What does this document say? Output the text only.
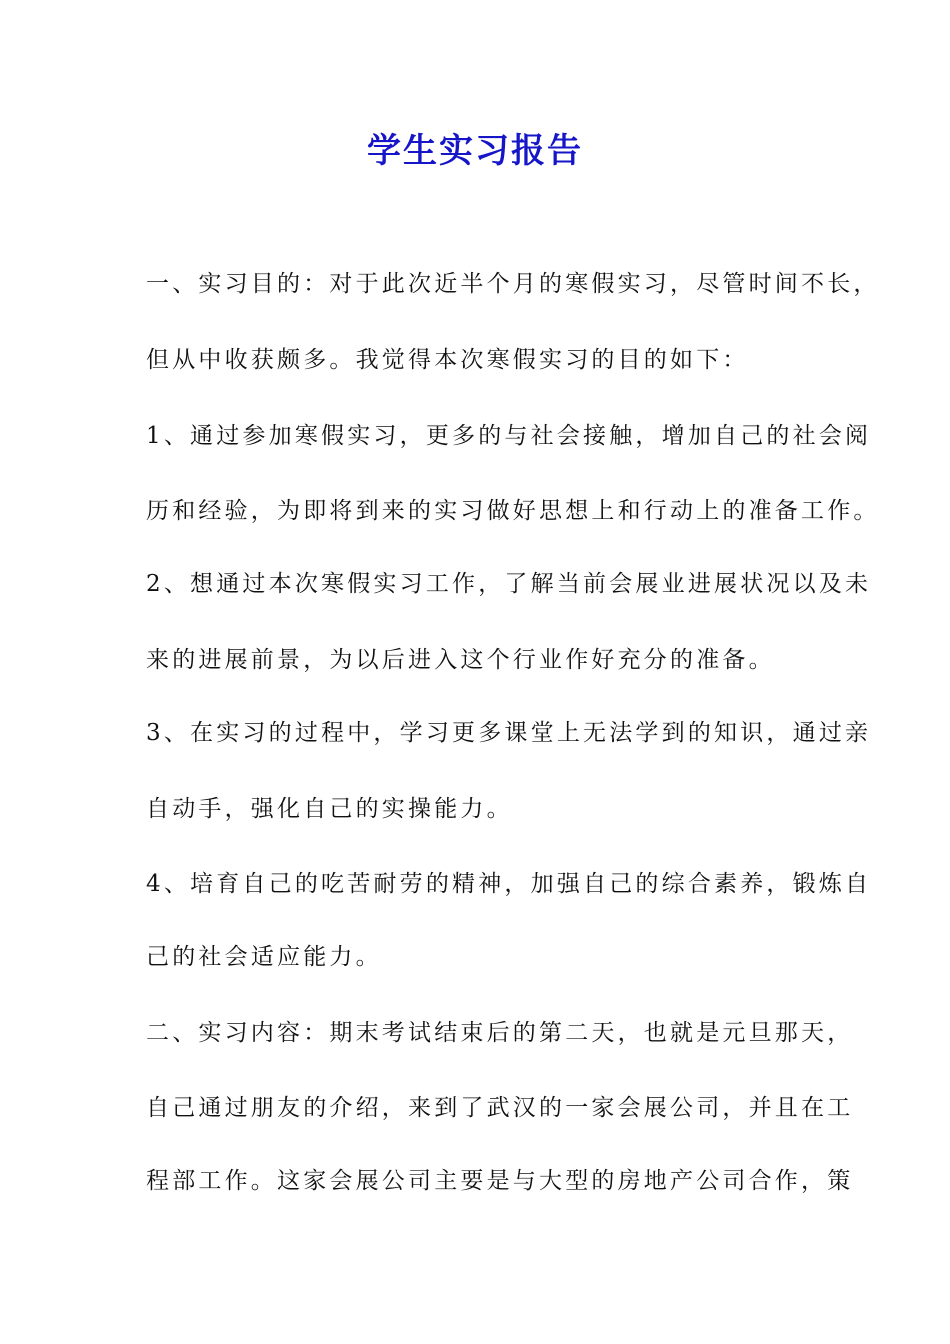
学生实习报告
一、实习目的：对于此次近半个月的寒假实习，尽管时间不长，
但从中收获颇多。我觉得本次寒假实习的目的如下：
1、通过参加寒假实习，更多的与社会接触，增加自己的社会阅
历和经验，为即将到来的实习做好思想上和行动上的准备工作。
2、想通过本次寒假实习工作，了解当前会展业进展状况以及未
来的进展前景，为以后进入这个行业作好充分的准备。
3、在实习的过程中，学习更多课堂上无法学到的知识，通过亲
自动手，强化自己的实操能力。
4、培育自己的吃苦耐劳的精神，加强自己的综合素养，锻炼自
己的社会适应能力。
二、实习内容：期末考试结束后的第二天，也就是元旦那天，
自己通过朋友的介绍，来到了武汉的一家会展公司，并且在工
程部工作。这家会展公司主要是与大型的房地产公司合作，策
